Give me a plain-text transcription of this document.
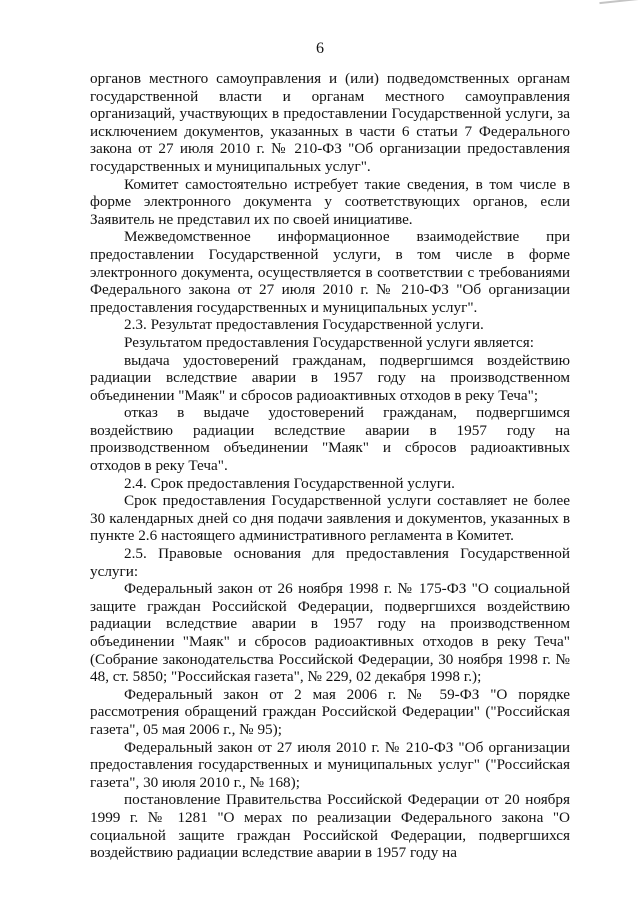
6

органов местного самоуправления и (или) подведомственных органам государственной власти и органам местного самоуправления организаций, участвующих в предоставлении Государственной услуги, за исключением документов, указанных в части 6 статьи 7 Федерального закона от 27 июля 2010 г. № 210-ФЗ "Об организации предоставления государственных и муниципальных услуг".

Комитет самостоятельно истребует такие сведения, в том числе в форме электронного документа у соответствующих органов, если Заявитель не представил их по своей инициативе.

Межведомственное информационное взаимодействие при предоставлении Государственной услуги, в том числе в форме электронного документа, осуществляется в соответствии с требованиями Федерального закона от 27 июля 2010 г. № 210-ФЗ "Об организации предоставления государственных и муниципальных услуг".

2.3. Результат предоставления Государственной услуги.

Результатом предоставления Государственной услуги является:

выдача удостоверений гражданам, подвергшимся воздействию радиации вследствие аварии в 1957 году на производственном объединении "Маяк" и сбросов радиоактивных отходов в реку Теча";

отказ в выдаче удостоверений гражданам, подвергшимся воздействию радиации вследствие аварии в 1957 году на производственном объединении "Маяк" и сбросов радиоактивных отходов в реку Теча".

2.4. Срок предоставления Государственной услуги.

Срок предоставления Государственной услуги составляет не более 30 календарных дней со дня подачи заявления и документов, указанных в пункте 2.6 настоящего административного регламента в Комитет.

2.5. Правовые основания для предоставления Государственной услуги:

Федеральный закон от 26 ноября 1998 г. № 175-ФЗ "О социальной защите граждан Российской Федерации, подвергшихся воздействию радиации вследствие аварии в 1957 году на производственном объединении "Маяк" и сбросов радиоактивных отходов в реку Теча" (Собрание законодательства Российской Федерации, 30 ноября 1998 г. № 48, ст. 5850; "Российская газета", № 229, 02 декабря 1998 г.);

Федеральный закон от 2 мая 2006 г. № 59-ФЗ "О порядке рассмотрения обращений граждан Российской Федерации" ("Российская газета", 05 мая 2006 г., № 95);

Федеральный закон от 27 июля 2010 г. № 210-ФЗ "Об организации предоставления государственных и муниципальных услуг" ("Российская газета", 30 июля 2010 г., № 168);

постановление Правительства Российской Федерации от 20 ноября 1999 г. № 1281 "О мерах по реализации Федерального закона "О социальной защите граждан Российской Федерации, подвергшихся воздействию радиации вследствие аварии в 1957 году на
